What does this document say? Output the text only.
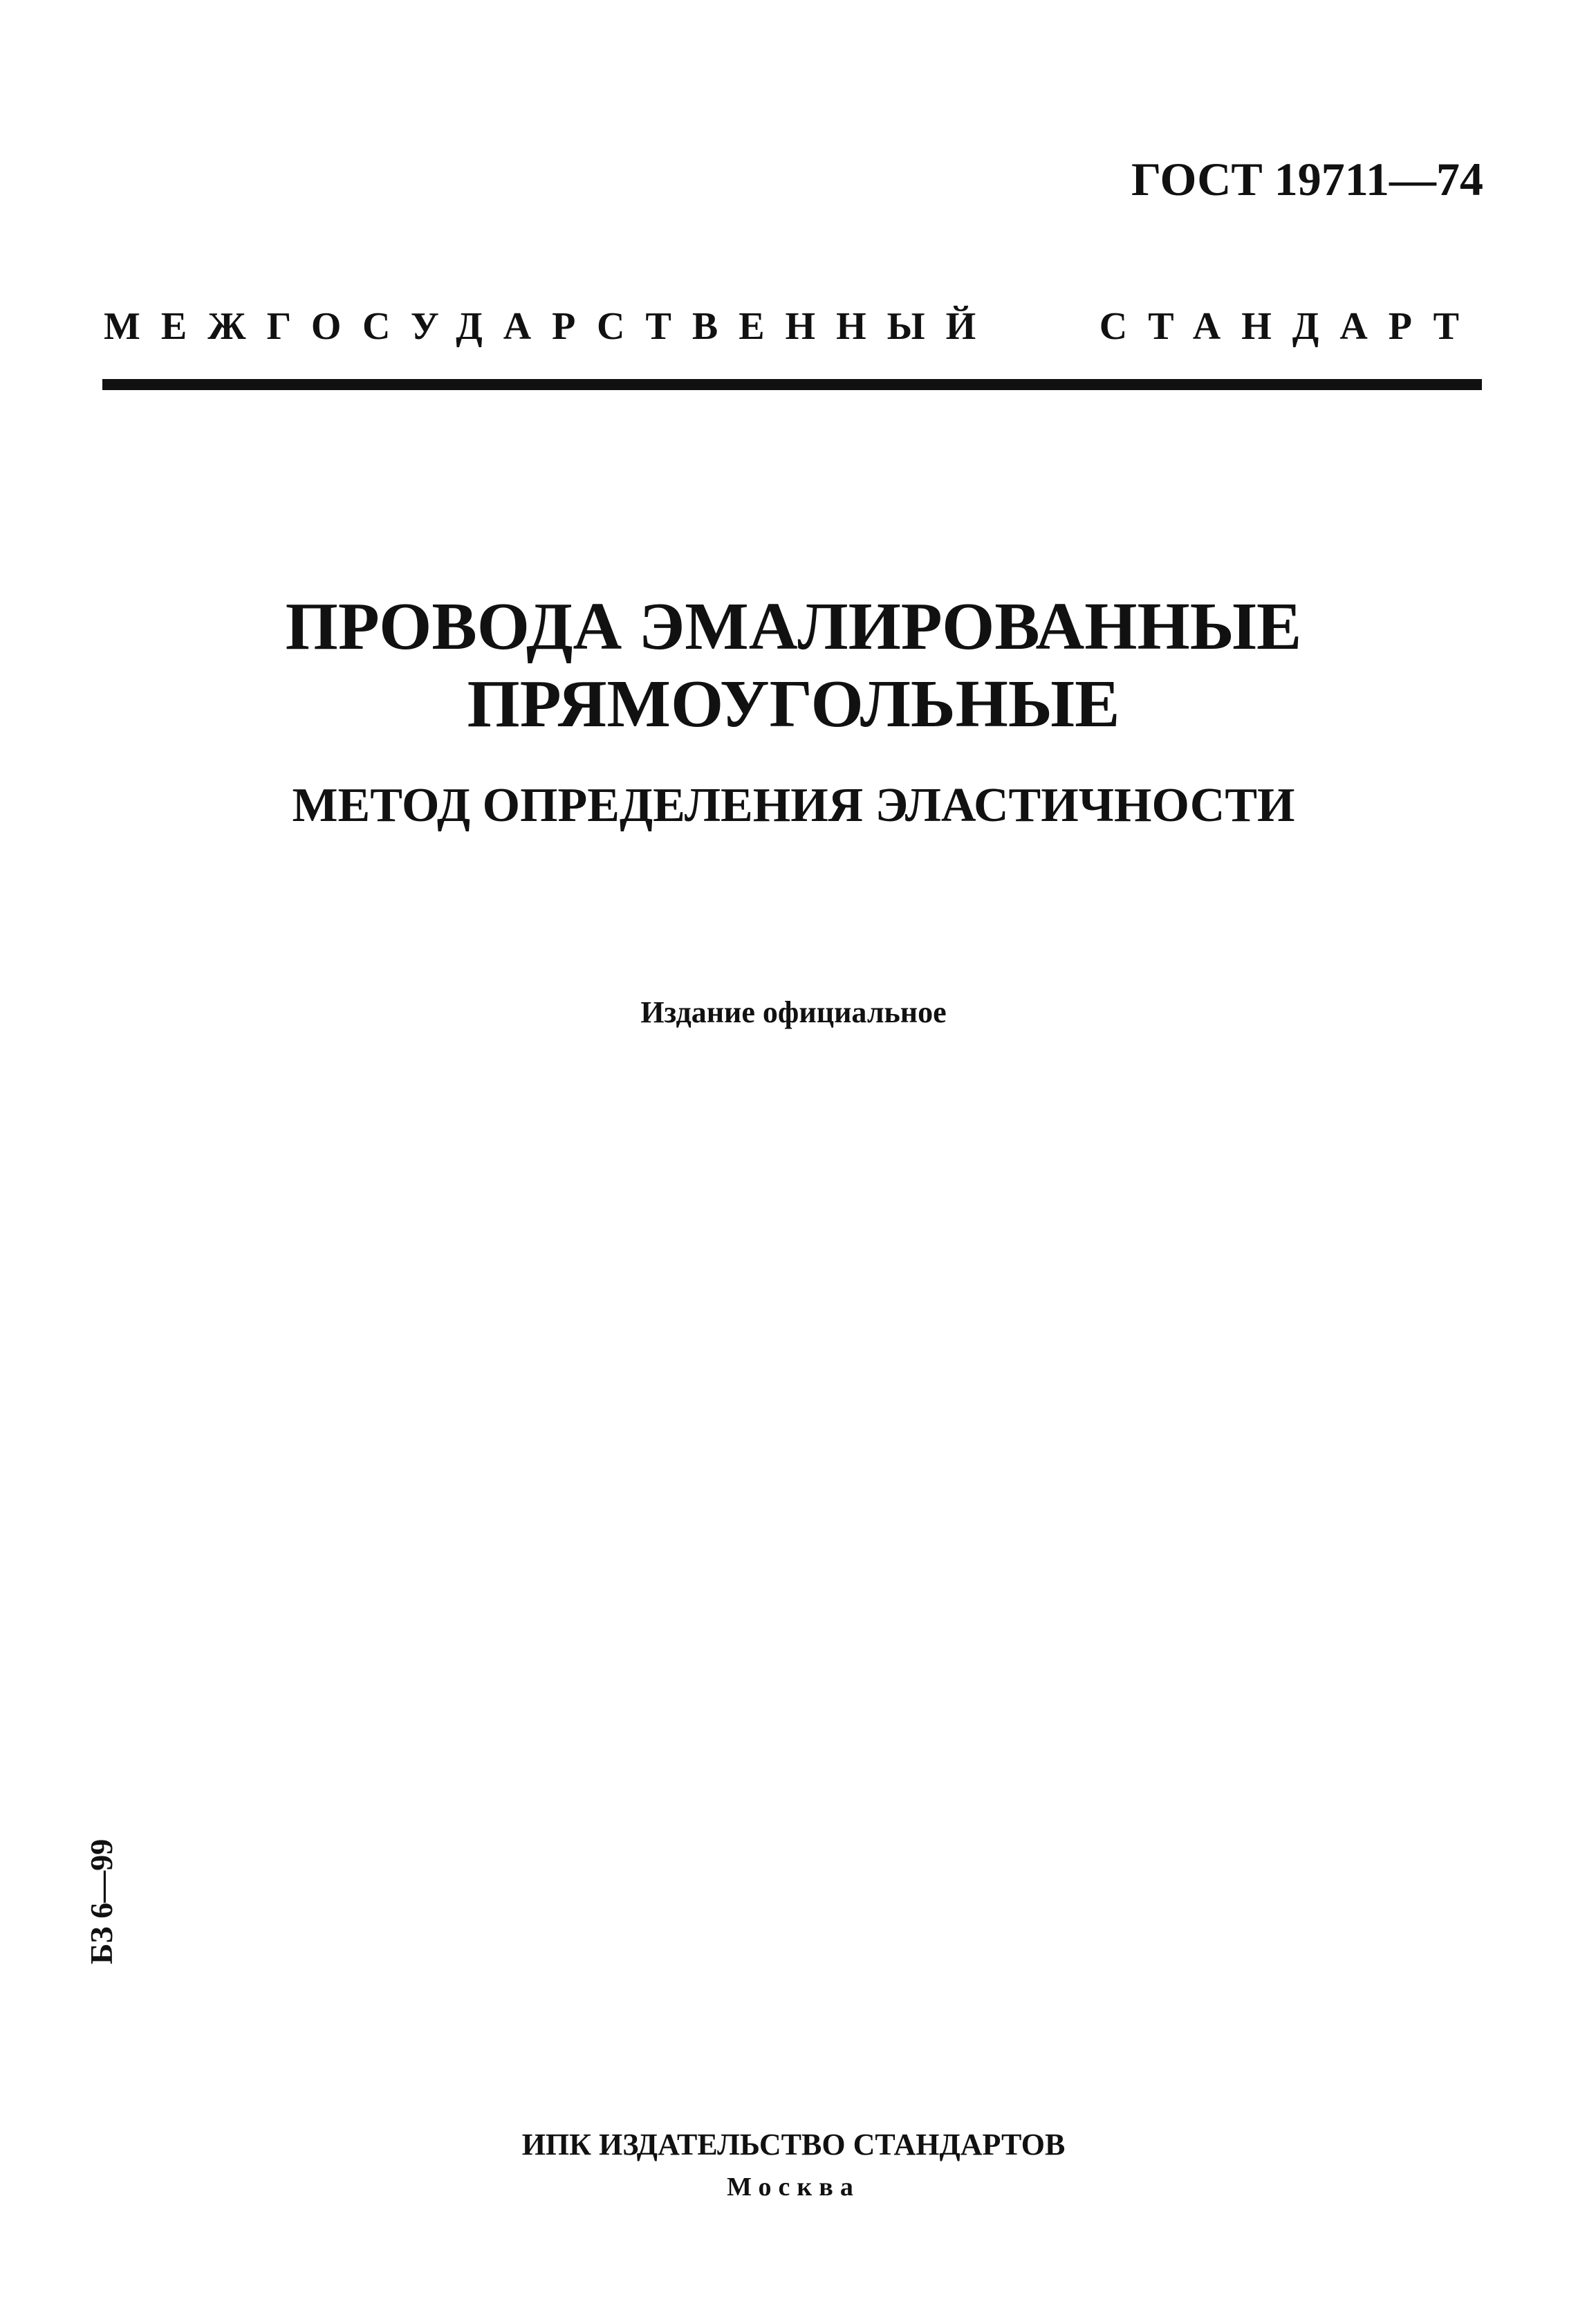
ГОСТ 19711—74
МЕЖГОСУДАРСТВЕННЫЙ	СТАНДАРТ
ПРОВОДА ЭМАЛИРОВАННЫЕ
ПРЯМОУГОЛЬНЫЕ
МЕТОД ОПРЕДЕЛЕНИЯ ЭЛАСТИЧНОСТИ
Издание официальное
БЗ 6—99
ИПК ИЗДАТЕЛЬСТВО СТАНДАРТОВ
Москва
